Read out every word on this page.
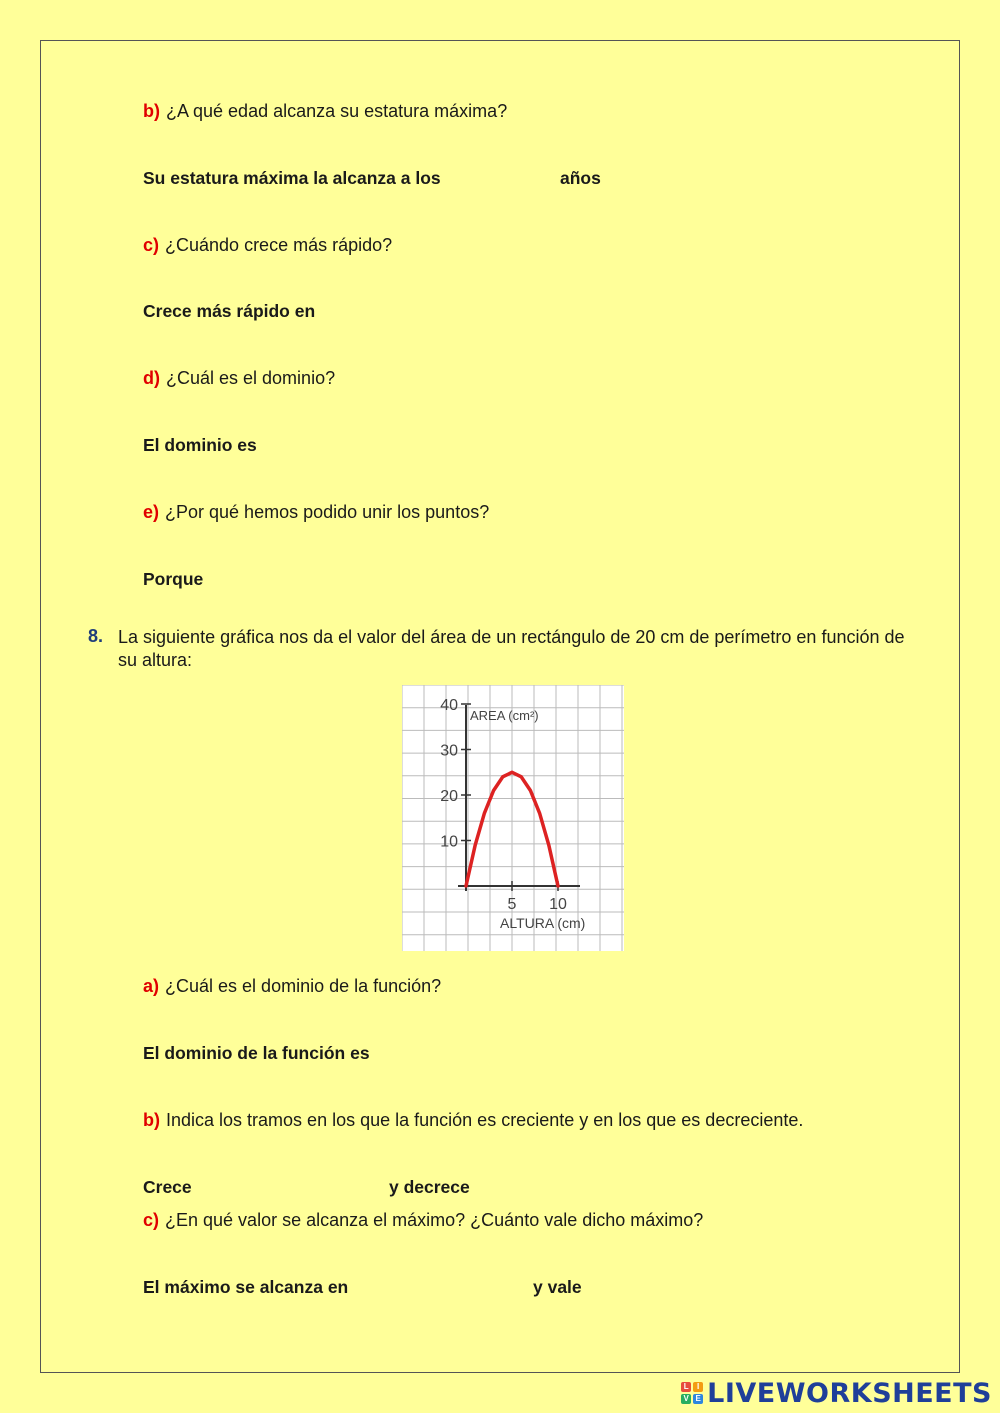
b) ¿A qué edad alcanza su estatura máxima?
Su estatura máxima la alcanza a los	años
c) ¿Cuándo crece más rápido?
Crece más rápido en
d) ¿Cuál es el dominio?
El dominio es
e) ¿Por qué hemos podido unir los puntos?
Porque
8. La siguiente gráfica nos da el valor del área de un rectángulo de 20 cm de perímetro en función de su altura:
10
20
30
40
5 10
AREA (cm²)
ALTURA (cm)
a) ¿Cuál es el dominio de la función?
El dominio de la función es
b) Indica los tramos en los que la función es creciente y en los que es decreciente.
Crece	y decrece
c) ¿En qué valor se alcanza el máximo? ¿Cuánto vale dicho máximo?
El máximo se alcanza en	y vale
L	I
V E LIVEWORKSHEETS
